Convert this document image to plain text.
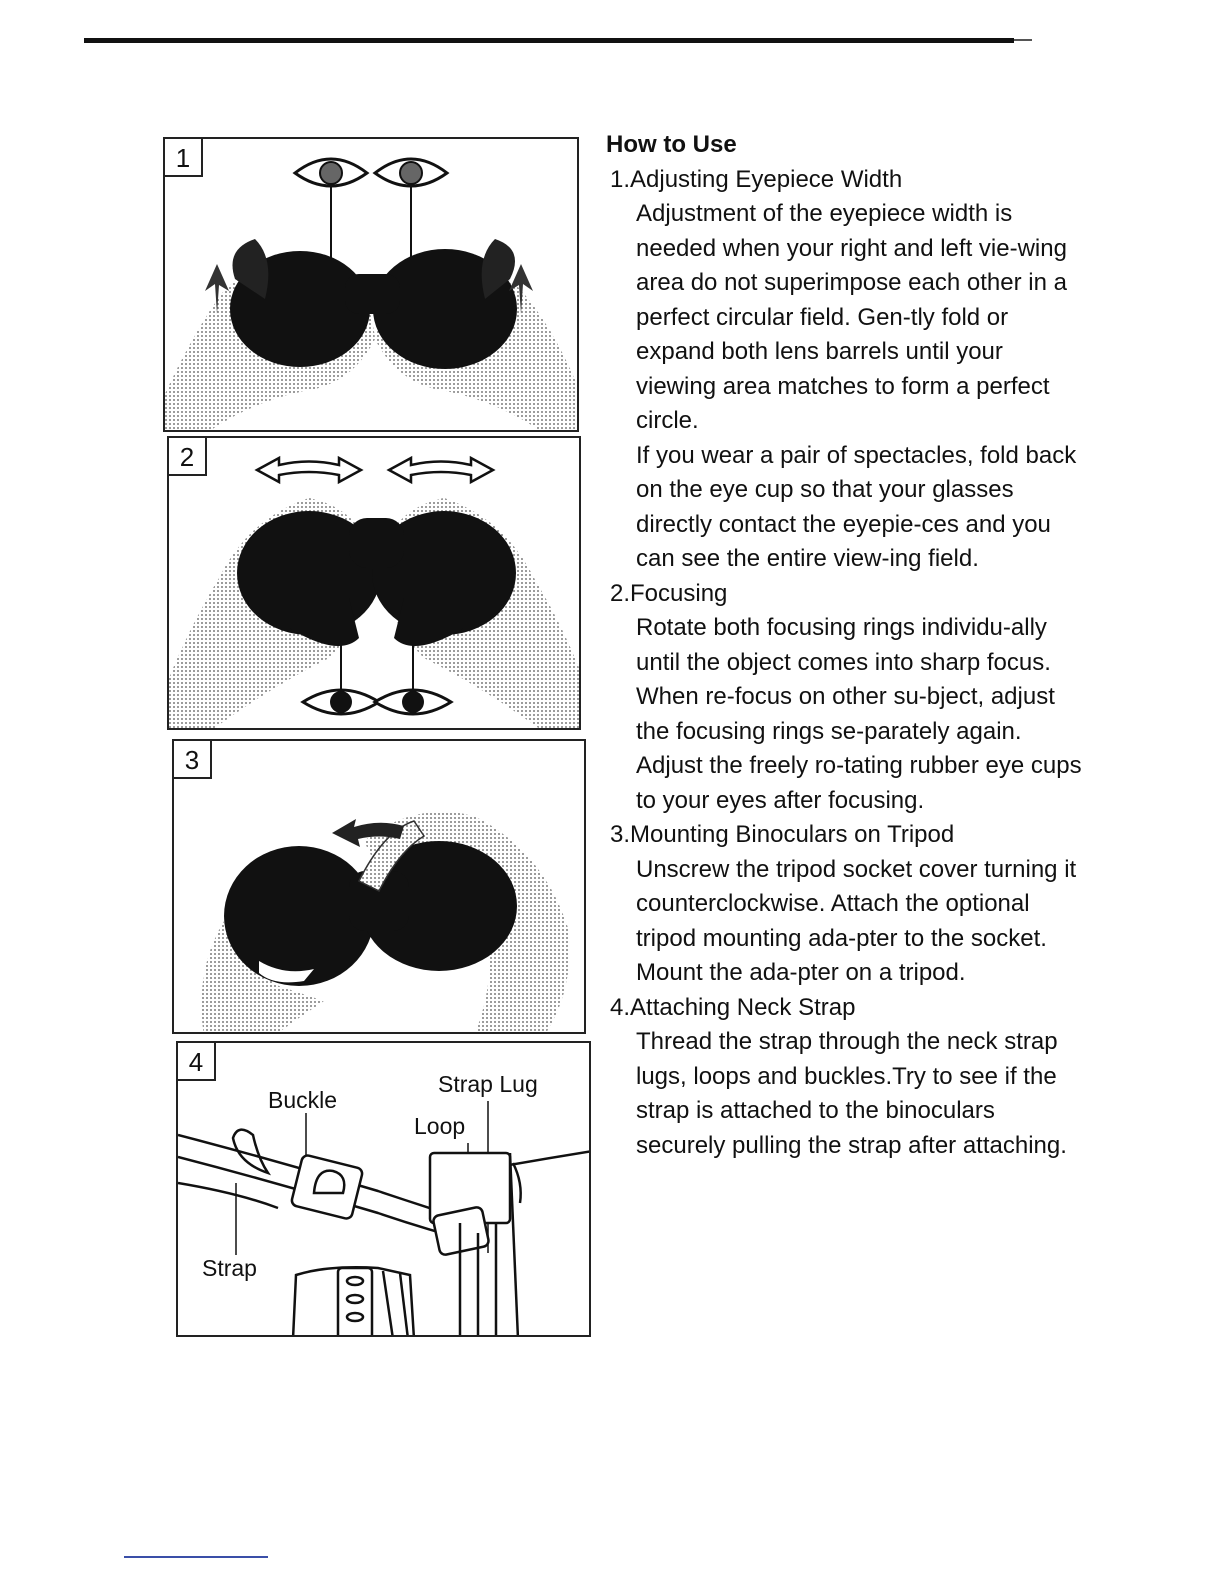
1
2
3
4
Buckle
Strap Lug
Loop
Strap
How to Use
1.Adjusting Eyepiece Width

Adjustment of the eyepiece width is needed when your right and left vie-wing area do not superimpose each other in a perfect circular field. Gen-tly fold or expand both lens barrels until your viewing area matches to form a perfect circle.

If you wear a pair of spectacles, fold back on the eye cup so that your glasses directly contact the eyepie-ces and you can see the entire view-ing field.

2.Focusing

Rotate both focusing rings individu-ally until the object comes into sharp focus. When re-focus on other su-bject, adjust the focusing rings se-parately again. Adjust the freely ro-tating rubber eye cups to your eyes after focusing.

3.Mounting Binoculars on Tripod

Unscrew the tripod socket cover turning it counterclockwise. Attach the optional tripod mounting ada-pter to the socket. Mount the ada-pter on a tripod.

4.Attaching Neck Strap

Thread the strap through the neck strap lugs, loops and buckles.Try to see if the strap is attached to the binoculars securely pulling the strap after attaching.
